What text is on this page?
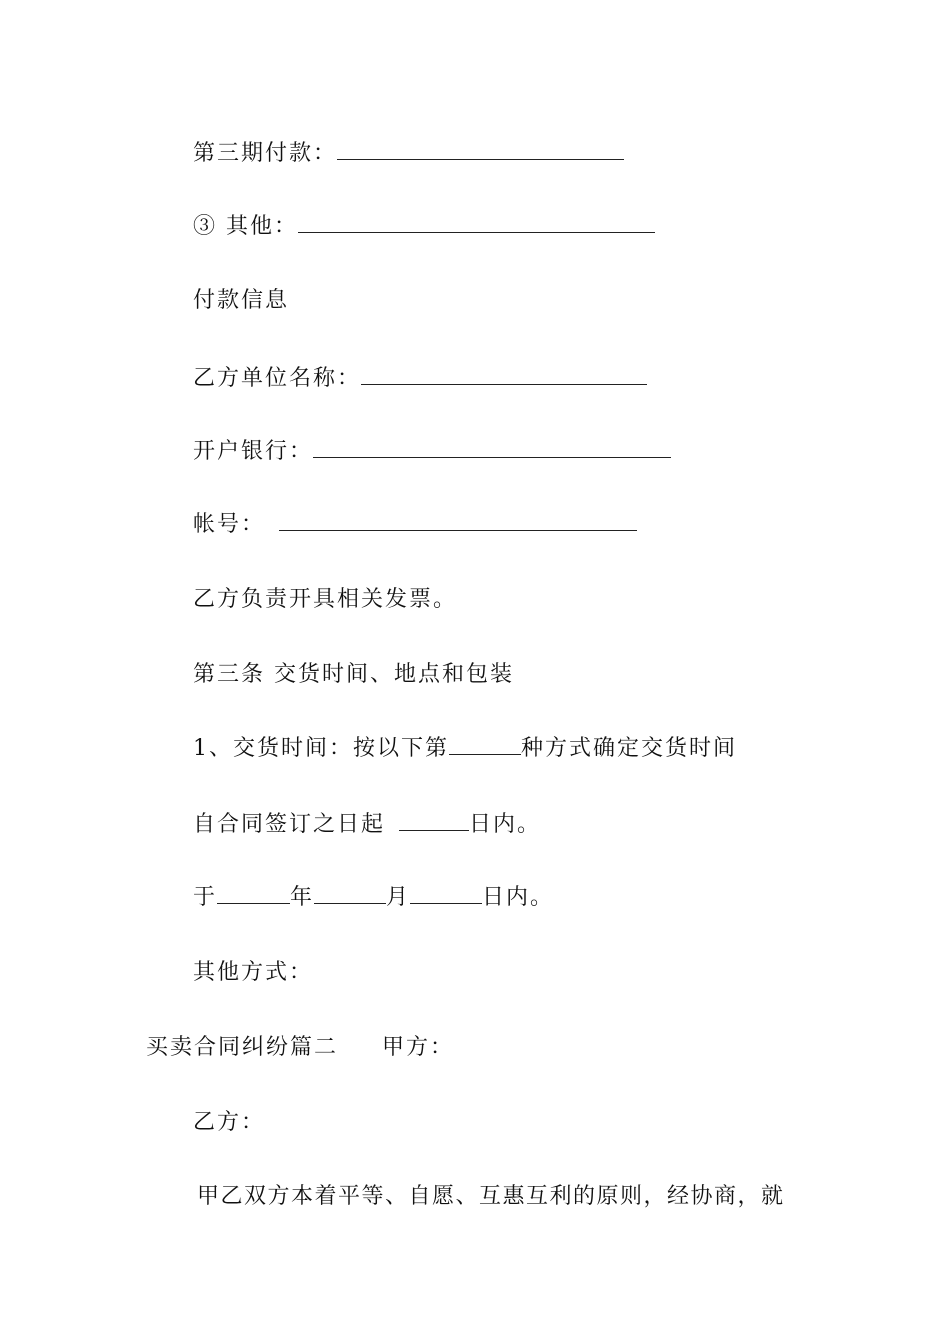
第三期付款：
③ 其他：
付款信息
乙方单位名称：
开户银行：
帐号：
乙方负责开具相关发票。
第三条 交货时间、地点和包装
1、交货时间：按以下第	种方式确定交货时间
自合同签订之日起	日内。
于	年	月	日内。
其他方式：
买卖合同纠纷篇二 甲方：
乙方：
甲乙双方本着平等、自愿、互惠互利的原则，经协商，就
